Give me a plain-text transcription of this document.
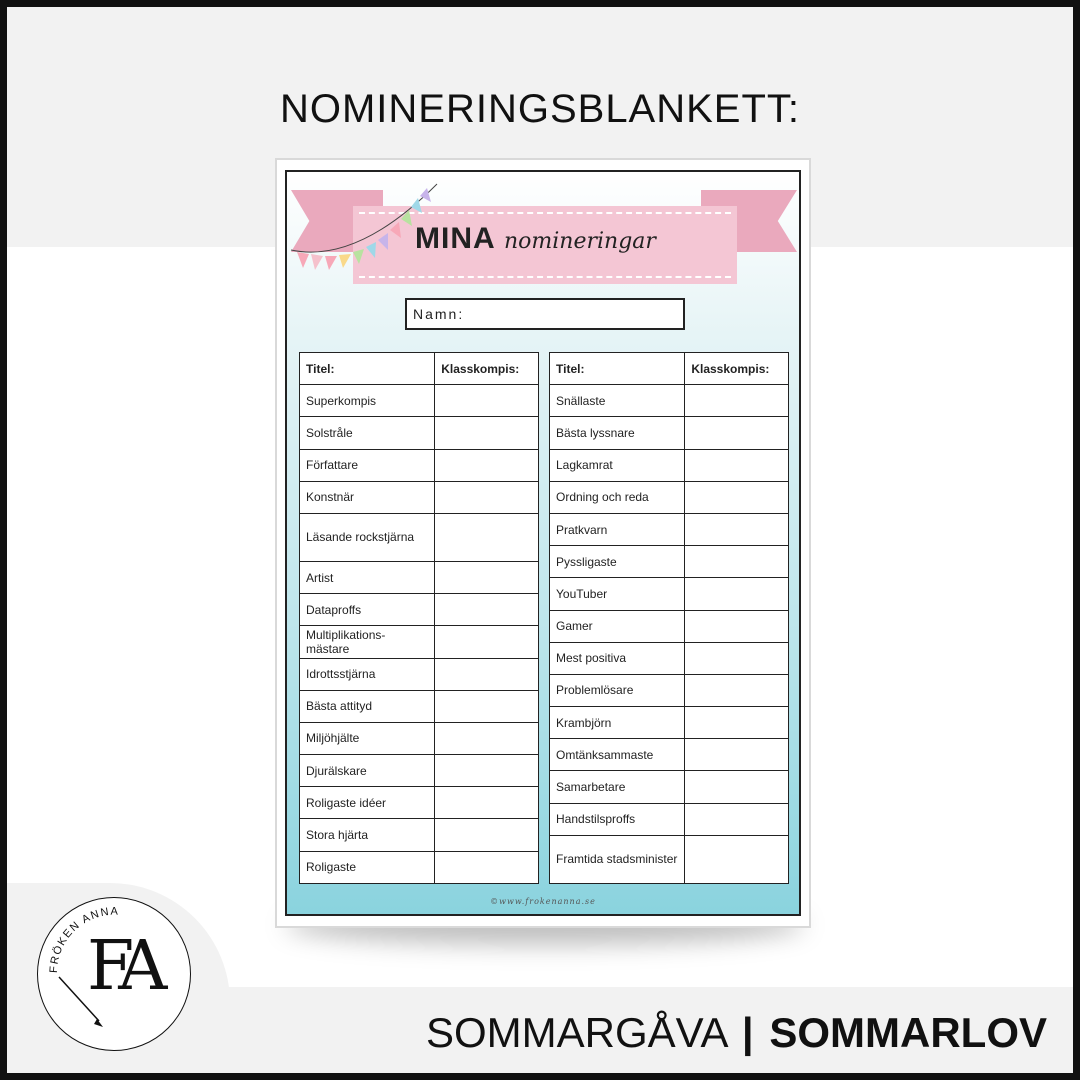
NOMINERINGSBLANKETT:
MINA nomineringar
Namn:
Titel:	Klasskompis:
Superkompis	
Solstråle	
Författare	
Konstnär	
Läsande rockstjärna	
Artist	
Dataproffs	
Multiplikations-mästare	
Idrottsstjärna	
Bästa attityd	
Miljöhjälte	
Djurälskare	
Roligaste idéer	
Stora hjärta	
Roligaste	
Titel:	Klasskompis:
Snällaste	
Bästa lyssnare	
Lagkamrat	
Ordning och reda	
Pratkvarn	
Pyssligaste	
YouTuber	
Gamer	
Mest positiva	
Problemlösare	
Krambjörn	
Omtänksammaste	
Samarbetare	
Handstilsproffs	
Framtida stadsminister	
©www.frokenanna.se
FRÖKEN ANNA
FA
SOMMARGÅVA | SOMMARLOV
